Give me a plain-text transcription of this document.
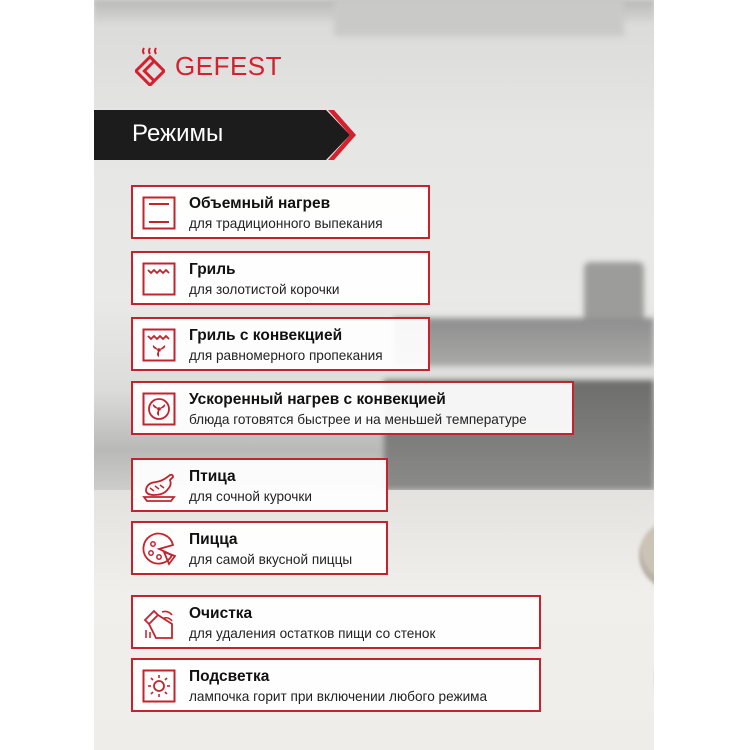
GEFEST
Режимы
Объемный нагрев
для традиционного выпекания
Гриль
для золотистой корочки
Гриль с конвекцией
для равномерного пропекания
Ускоренный нагрев с конвекцией
блюда готовятся быстрее и на меньшей температуре
Птица
для сочной курочки
Пицца
для самой вкусной пиццы
Очистка
для удаления остатков пищи со стенок
Подсветка
лампочка горит при включении любого режима
